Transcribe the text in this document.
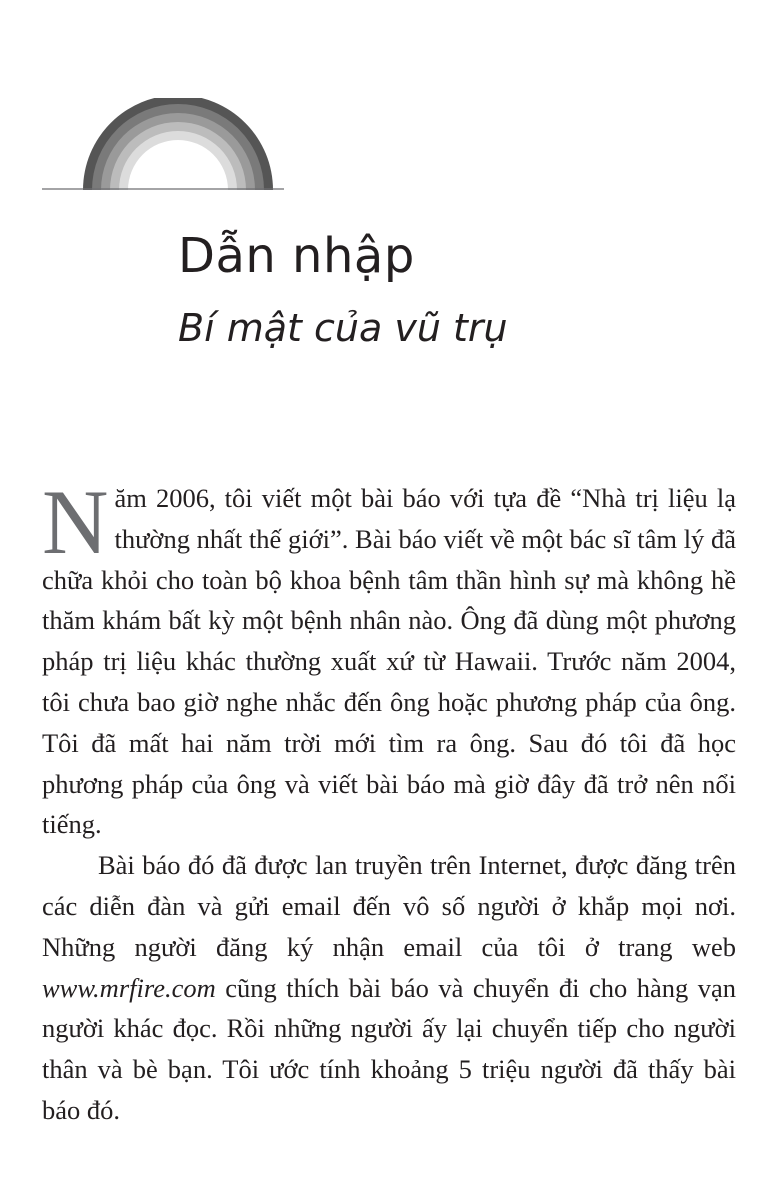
Dẫn nhập
Bí mật của vũ trụ

Năm 2006, tôi viết một bài báo với tựa đề “Nhà trị liệu lạ thường nhất thế giới”. Bài báo viết về một bác sĩ tâm lý đã chữa khỏi cho toàn bộ khoa bệnh tâm thần hình sự mà không hề thăm khám bất kỳ một bệnh nhân nào. Ông đã dùng một phương pháp trị liệu khác thường xuất xứ từ Hawaii. Trước năm 2004, tôi chưa bao giờ nghe nhắc đến ông hoặc phương pháp của ông. Tôi đã mất hai năm trời mới tìm ra ông. Sau đó tôi đã học phương pháp của ông và viết bài báo mà giờ đây đã trở nên nổi tiếng.

Bài báo đó đã được lan truyền trên Internet, được đăng trên các diễn đàn và gửi email đến vô số người ở khắp mọi nơi. Những người đăng ký nhận email của tôi ở trang web www.mrfire.com cũng thích bài báo và chuyển đi cho hàng vạn người khác đọc. Rồi những người ấy lại chuyển tiếp cho người thân và bè bạn. Tôi ước tính khoảng 5 triệu người đã thấy bài báo đó.
